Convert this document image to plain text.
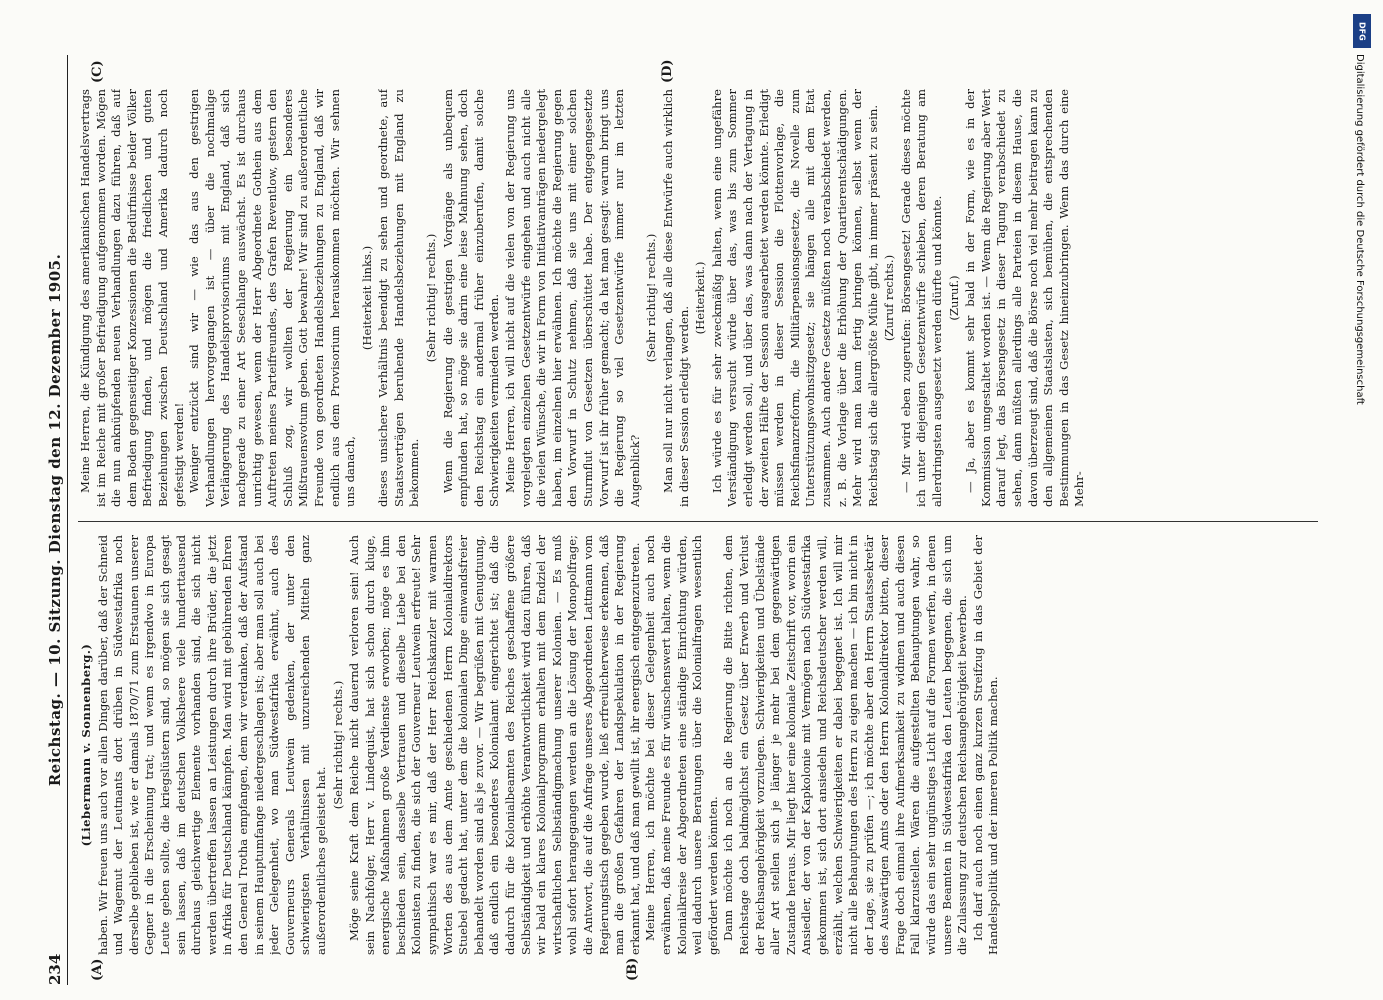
234
Reichstag. — 10. Sitzung. Dienstag den 12. Dezember 1905.
(A)	(B)
(C)	(D)

(Liebermann v. Sonnenberg.) haben. Wir freuen uns auch vor allen Dingen darüber, daß der Schneid und Wagemut der Leutnants dort drüben in Südwestafrika noch derselbe geblieben ist, wie er damals 1870/71 zum Erstaunen unserer Gegner in die Erscheinung trat; und wenn es irgendwo in Europa Leute geben sollte, die kriegslüstern sind, so mögen sie sich gesagt sein lassen, daß im deutschen Volksheere viele hunderttausend durchaus gleichwertige Elemente vorhanden sind, die sich nicht werden übertreffen lassen an Leistungen durch ihre Brüder, die jetzt in Afrika für Deutschland kämpfen. Man wird mit gebührenden Ehren den General Trotha empfangen, dem wir verdanken, daß der Aufstand in seinem Hauptumfange niedergeschlagen ist; aber man soll auch bei jeder Gelegenheit, wo man Südwestafrika erwähnt, auch des Gouverneurs Generals Leutwein gedenken, der unter den schwierigsten Verhältnissen mit unzureichenden Mitteln ganz außerordentliches geleistet hat.

(Sehr richtig! rechts.) Möge seine Kraft dem Reiche nicht dauernd verloren sein! Auch sein Nachfolger, Herr v. Lindequist, hat sich schon durch kluge, energische Maßnahmen große Verdienste erworben; möge es ihm beschieden sein, dasselbe Vertrauen und dieselbe Liebe bei den Kolonisten zu finden, die sich der Gouverneur Leutwein erfreute! Sehr sympathisch war es mir, daß der Herr Reichskanzler mit warmen Worten des aus dem Amte geschiedenen Herrn Kolonialdirektors Stuebel gedacht hat, unter dem die kolonialen Dinge einwandsfreier behandelt worden sind als je zuvor. — Wir begrüßen mit Genugtuung, daß endlich ein besonderes Kolonialamt eingerichtet ist; daß die dadurch für die Kolonialbeamten des Reiches geschaffene größere Selbständigkeit und erhöhte Verantwortlichkeit wird dazu führen, daß wir bald ein klares Kolonialprogramm erhalten mit dem Endziel der wirtschaftlichen Selbständigmachung unserer Kolonien. — Es muß wohl sofort herangegangen werden an die Lösung der Monopolfrage; die Antwort, die auf die Anfrage unseres Abgeordneten Lattmann vom Regierungstisch gegeben wurde, ließ erfreulicherweise erkennen, daß man die großen Gefahren der Landspekulation in der Regierung erkannt hat, und daß man gewillt ist, ihr energisch entgegenzutreten. Meine Herren, ich möchte bei dieser Gelegenheit auch noch erwähnen, daß meine Freunde es für wünschenswert halten, wenn die Kolonialkreise der Abgeordneten eine ständige Einrichtung würden, weil dadurch unsere Beratungen über die Kolonialfragen wesentlich gefördert werden könnten. Dann möchte ich noch an die Regierung die Bitte richten, dem Reichstage doch baldmöglichst ein Gesetz über Erwerb und Verlust der Reichsangehörigkeit vorzulegen. Schwierigkeiten und Übelstände aller Art stellen sich je länger je mehr bei dem gegenwärtigen Zustande heraus. Mir liegt hier eine koloniale Zeitschrift vor, worin ein Ansiedler, der von der Kapkolonie mit Vermögen nach Südwestafrika gekommen ist, sich dort ansiedeln und Reichsdeutscher werden will, erzählt, welchen Schwierigkeiten er dabei begegnet ist. Ich will mir nicht alle Behauptungen des Herrn zu eigen machen — ich bin nicht in der Lage, sie zu prüfen —; ich möchte aber den Herrn Staatssekretär des Auswärtigen Amts oder den Herrn Kolonialdirektor bitten, dieser Frage doch einmal ihre Aufmerksamkeit zu widmen und auch diesen Fall klarzustellen. Wären die aufgestellten Behauptungen wahr, so würde das ein sehr ungünstiges Licht auf die Formen werfen, in denen unsere Beamten in Südwestafrika den Leuten begegnen, die sich um die Zulassung zur deutschen Reichsangehörigkeit bewerben. Ich darf auch noch einen ganz kurzen Streifzug in das Gebiet der Handelspolitik und der inneren Politik machen.

Meine Herren, die Kündigung des amerikanischen Handelsvertrags ist im Reiche mit großer Befriedigung aufgenommen worden. Mögen die nun anknüpfenden neuen Verhandlungen dazu führen, daß auf dem Boden gegenseitiger Konzessionen die Bedürfnisse beider Völker Befriedigung finden, und mögen die friedlichen und guten Beziehungen zwischen Deutschland und Amerika dadurch noch gefestigt werden! Weniger entzückt sind wir — wie das aus den gestrigen Verhandlungen hervorgegangen ist — über die nochmalige Verlängerung des Handelsprovisoriums mit England, daß sich nachgerade zu einer Art Seeschlange auswächst. Es ist durchaus unrichtig gewesen, wenn der Herr Abgeordnete Gothein aus dem Auftreten meines Parteifreundes, des Grafen Reventlow, gestern den Schluß zog, wir wollten der Regierung ein besonderes Mißtrauensvotum geben. Gott bewahre! Wir sind zu außerordentliche Freunde von geordneten Handelsbeziehungen zu England, daß wir endlich aus dem Provisorium herauskommen möchten. Wir sehnen uns danach,

(Heiterkeit links.) dieses unsichere Verhältnis beendigt zu sehen und geordnete, auf Staatsverträgen beruhende Handelsbeziehungen mit England zu bekommen.

(Sehr richtig! rechts.) Wenn die Regierung die gestrigen Vorgänge als unbequem empfunden hat, so möge sie darin eine leise Mahnung sehen, doch den Reichstag ein andermal früher einzuberufen, damit solche Schwierigkeiten vermieden werden. Meine Herren, ich will nicht auf die vielen von der Regierung uns vorgelegten einzelnen Gesetzentwürfe eingehen und auch nicht alle die vielen Wünsche, die wir in Form von Initiativanträgen niedergelegt haben, im einzelnen hier erwähnen. Ich möchte die Regierung gegen den Vorwurf in Schutz nehmen, daß sie uns mit einer solchen Sturmflut von Gesetzen überschüttet habe. Der entgegengesetzte Vorwurf ist ihr früher gemacht; da hat man gesagt: warum bringt uns die Regierung so viel Gesetzentwürfe immer nur im letzten Augenblick?

(Sehr richtig! rechts.) Man soll nur nicht verlangen, daß alle diese Entwürfe auch wirklich in dieser Session erledigt werden.

(Heiterkeit.) Ich würde es für sehr zweckmäßig halten, wenn eine ungefähre Verständigung versucht würde über das, was bis zum Sommer erledigt werden soll, und über das, was dann nach der Vertagung in der zweiten Hälfte der Session ausgearbeitet werden könnte. Erledigt müssen werden in dieser Session die Flottenvorlage, die Reichsfinanzreform, die Militärpensionsgesetze, die Novelle zum Unterstützungswohnsitzgesetz; sie hängen alle mit dem Etat zusammen. Auch andere Gesetze müßten noch verabschiedet werden, z. B. die Vorlage über die Erhöhung der Quartierentschädigungen. Mehr wird man kaum fertig bringen können, selbst wenn der Reichstag sich die allergrößte Mühe gibt, im immer präsent zu sein. (Zuruf rechts.) — Mir wird eben zugerufen: Börsengesetz! Gerade dieses möchte ich unter diejenigen Gesetzentwürfe schieben, deren Beratung am allerdringsten ausgesetzt werden dürfte und könnte. (Zuruf.) — Ja, aber es kommt sehr bald in der Form, wie es in der Kommission umgestaltet worden ist. — Wenn die Regierung aber Wert darauf legt, das Börsengesetz in dieser Tagung verabschiedet zu sehen, dann müßten allerdings alle Parteien in diesem Hause, die davon überzeugt sind, daß die Börse noch viel mehr beitragen kann zu den allgemeinen Staatslasten, sich bemühen, die entsprechenden Bestimmungen in das Gesetz hineinzubringen. Wenn das durch eine Mehr-

DFG
Digitalisierung gefördert durch die Deutsche Forschungsgemeinschaft
